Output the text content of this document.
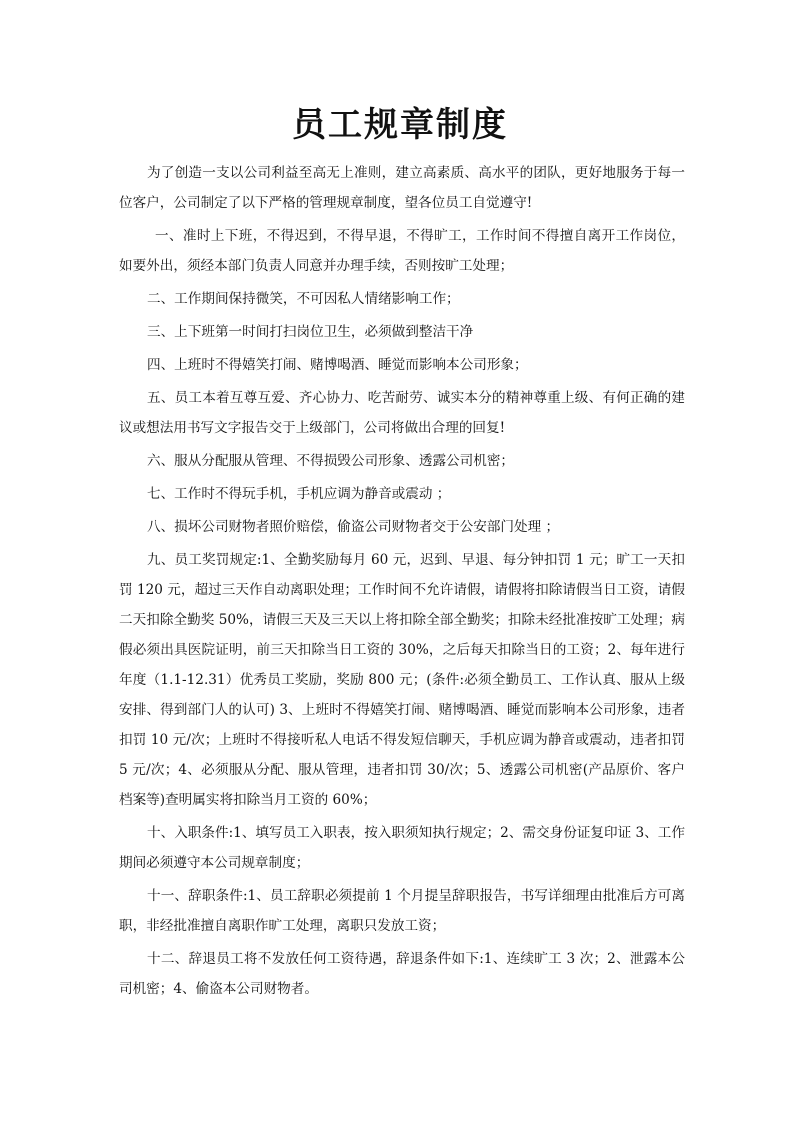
员工规章制度

为了创造一支以公司利益至高无上准则，建立高素质、高水平的团队，更好地服务于每一位客户，公司制定了以下严格的管理规章制度，望各位员工自觉遵守!

一、准时上下班，不得迟到，不得早退，不得旷工，工作时间不得擅自离开工作岗位，如要外出，须经本部门负责人同意并办理手续，否则按旷工处理；

二、工作期间保持微笑，不可因私人情绪影响工作；

三、上下班第一时间打扫岗位卫生，必须做到整洁干净

四、上班时不得嬉笑打闹、赌博喝酒、睡觉而影响本公司形象；

五、员工本着互尊互爱、齐心协力、吃苦耐劳、诚实本分的精神尊重上级、有何正确的建议或想法用书写文字报告交于上级部门，公司将做出合理的回复!

六、服从分配服从管理、不得损毁公司形象、透露公司机密；

七、工作时不得玩手机，手机应调为静音或震动 ；

八、损坏公司财物者照价赔偿，偷盗公司财物者交于公安部门处理 ；

九、员工奖罚规定:1、全勤奖励每月 60 元，迟到、早退、每分钟扣罚 1 元；旷工一天扣罚 120 元，超过三天作自动离职处理；工作时间不允许请假，请假将扣除请假当日工资，请假二天扣除全勤奖 50%，请假三天及三天以上将扣除全部全勤奖；扣除未经批准按旷工处理；病假必须出具医院证明，前三天扣除当日工资的 30%，之后每天扣除当日的工资；2、每年进行年度（1.1-12.31）优秀员工奖励，奖励 800 元；(条件:必须全勤员工、工作认真、服从上级安排、得到部门人的认可) 3、上班时不得嬉笑打闹、赌博喝酒、睡觉而影响本公司形象，违者扣罚 10 元/次；上班时不得接听私人电话不得发短信聊天，手机应调为静音或震动，违者扣罚 5 元/次；4、必须服从分配、服从管理，违者扣罚 30/次；5、透露公司机密(产品原价、客户档案等)查明属实将扣除当月工资的 60%；

十、入职条件:1、填写员工入职表，按入职须知执行规定；2、需交身份证复印证 3、工作期间必须遵守本公司规章制度；

十一、辞职条件:1、员工辞职必须提前 1 个月提呈辞职报告，书写详细理由批准后方可离职，非经批准擅自离职作旷工处理，离职只发放工资；

十二、辞退员工将不发放任何工资待遇，辞退条件如下:1、连续旷工 3 次；2、泄露本公司机密；4、偷盗本公司财物者。
